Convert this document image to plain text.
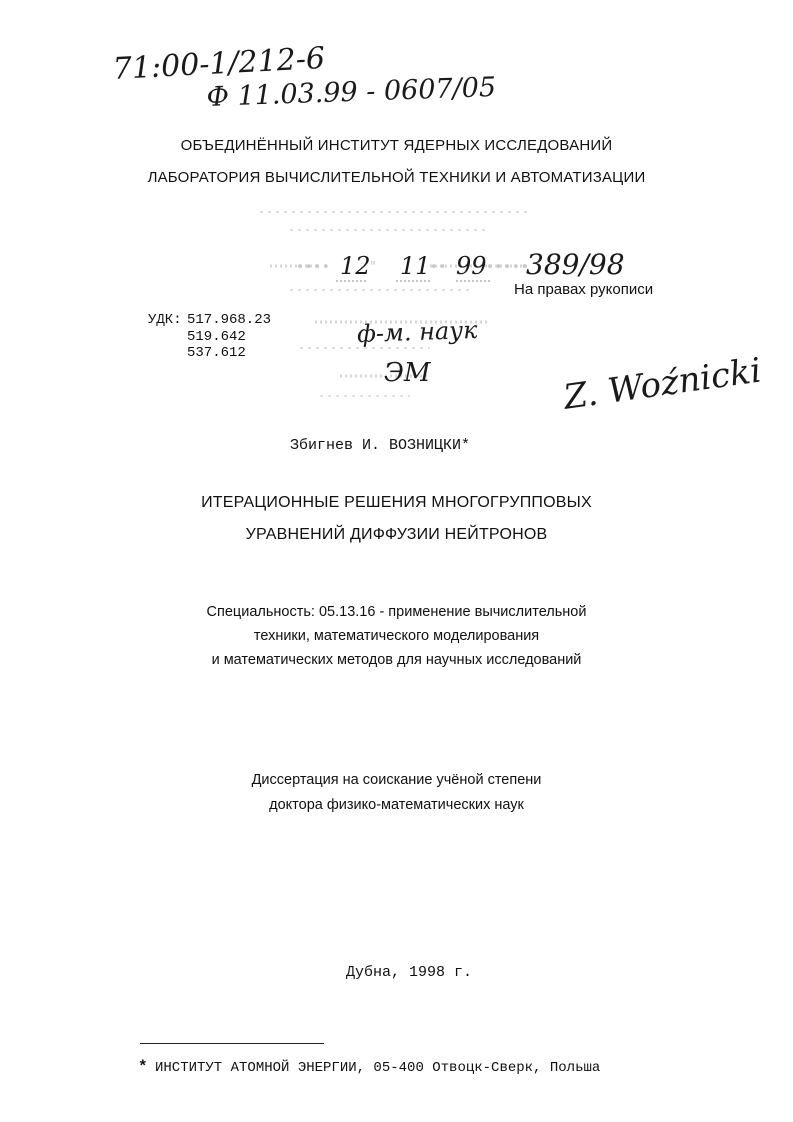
71:00-1/212-6
Ф 11.03.99 - 0607/05
ОБЪЕДИНЁННЫЙ ИНСТИТУТ ЯДЕРНЫХ ИССЛЕДОВАНИЙ
ЛАБОРАТОРИЯ ВЫЧИСЛИТЕЛЬНОЙ ТЕХНИКИ И АВТОМАТИЗАЦИИ
•••• 12 " 11 •• 99 •••••
389/98
На правах рукописи
УДК: 517.968.23
519.642
537.612
ф-м. наук
ЭМ	Z. Woźnicki
Збигнев И. ВОЗНИЦКИ*
ИТЕРАЦИОННЫЕ РЕШЕНИЯ МНОГОГРУППОВЫХ
УРАВНЕНИЙ ДИФФУЗИИ НЕЙТРОНОВ
Специальность: 05.13.16 - применение вычислительной
техники, математического моделирования
и математических методов для научных исследований
Диссертация на соискание учёной степени
доктора физико-математических наук
Дубна, 1998 г.
* ИНСТИТУТ АТОМНОЙ ЭНЕРГИИ, 05-400 Отвоцк-Сверк, Польша
